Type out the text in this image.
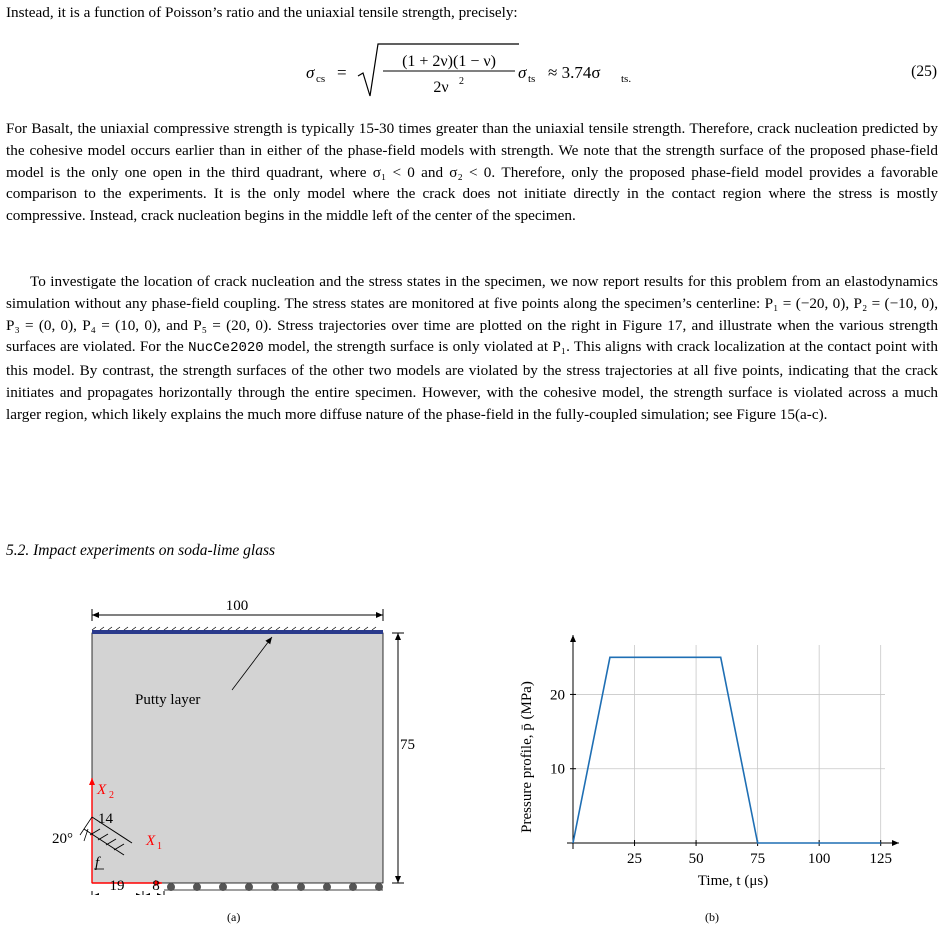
Instead, it is a function of Poisson’s ratio and the uniaxial tensile strength, precisely:

σ cs =
(1 + 2ν)(1 − ν)
2ν 2	σ ts ≈ 3.74σ ts.	(25)

For Basalt, the uniaxial compressive strength is typically 15-30 times greater than the uniaxial tensile strength. Therefore, crack nucleation predicted by the cohesive model occurs earlier than in either of the phase-field models with strength. We note that the strength surface of the proposed phase-field model is the only one open in the third quadrant, where σ₁ < 0 and σ₂ < 0. Therefore, only the proposed phase-field model provides a favorable comparison to the experiments. It is the only model where the crack does not initiate directly in the contact region where the stress is mostly compressive. Instead, crack nucleation begins in the middle left of the center of the specimen.

To investigate the location of crack nucleation and the stress states in the specimen, we now report results for this problem from an elastodynamics simulation without any phase-field coupling. The stress states are monitored at five points along the specimen’s centerline: P₁ = (−20, 0), P₂ = (−10, 0), P₃ = (0, 0), P₄ = (10, 0), and P₅ = (20, 0). Stress trajectories over time are plotted on the right in Figure 17, and illustrate when the various strength surfaces are violated. For the NucCe2020 model, the strength surface is only violated at P₁. This aligns with crack localization at the contact point with this model. By contrast, the strength surfaces of the other two models are violated by the stress trajectories at all five points, indicating that the crack initiates and propagates horizontally through the entire specimen. However, with the cohesive model, the strength surface is violated across a much larger region, which likely explains the much more diffuse nature of the phase-field in the fully-coupled simulation; see Figure 15(a-c).

5.2. Impact experiments on soda-lime glass
100
Putty layer
75
X 2
X 1
14
20°
f
19 8
(a)
Pressure profile, p̄ (MPa)
Time, t (μs)
25	50	75	100	125
10
20
(b)
